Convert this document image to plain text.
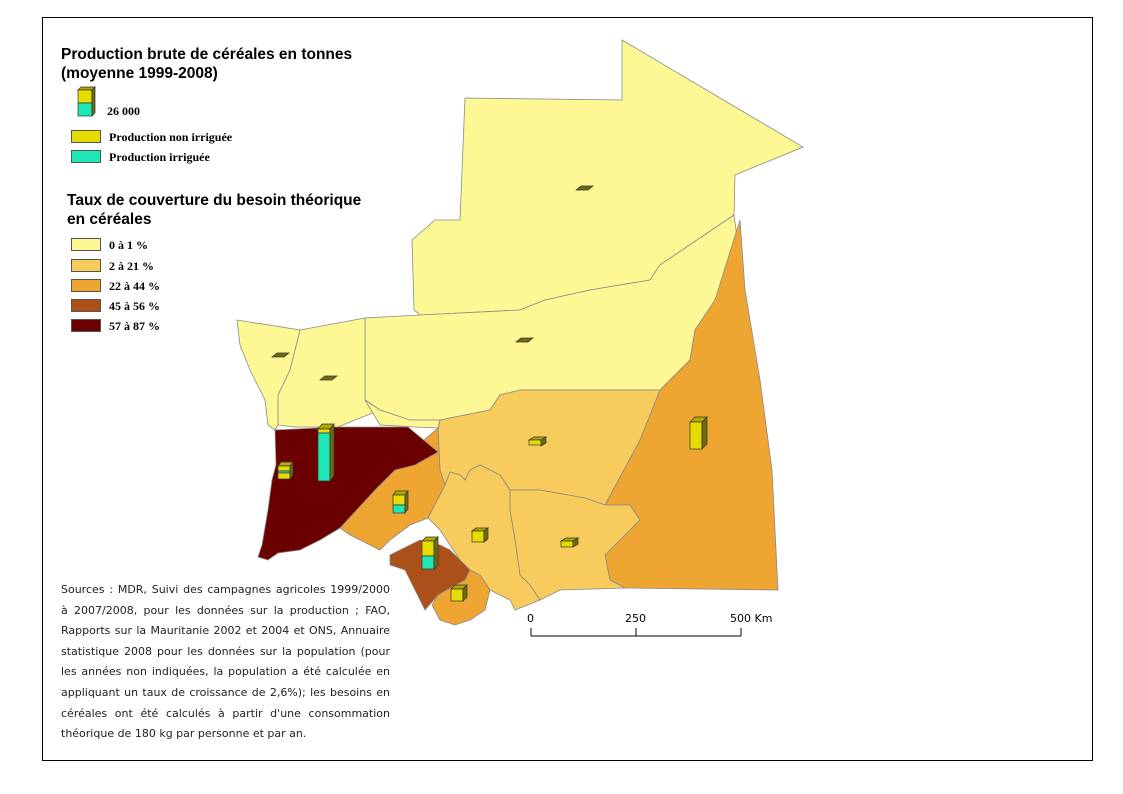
Production brute de céréales en tonnes
(moyenne 1999-2008)
26 000
Production non irriguée
Production irriguée
Taux de couverture du besoin théorique
en céréales
0 à 1 %
2 à 21 %
22 à 44 %
45 à 56 %
57 à 87 %
0	250	500 Km
Sources : MDR, Suivi des campagnes agricoles 1999/2000 à 2007/2008, pour les données sur la production ; FAO, Rapports sur la Mauritanie 2002 et 2004 et ONS, Annuaire statistique 2008 pour les données sur la population (pour les années non indiquées, la population a été calculée en appliquant un taux de croissance de 2,6%); les besoins en céréales ont été calculés à partir d'une consommation théorique de 180 kg par personne et par an.
